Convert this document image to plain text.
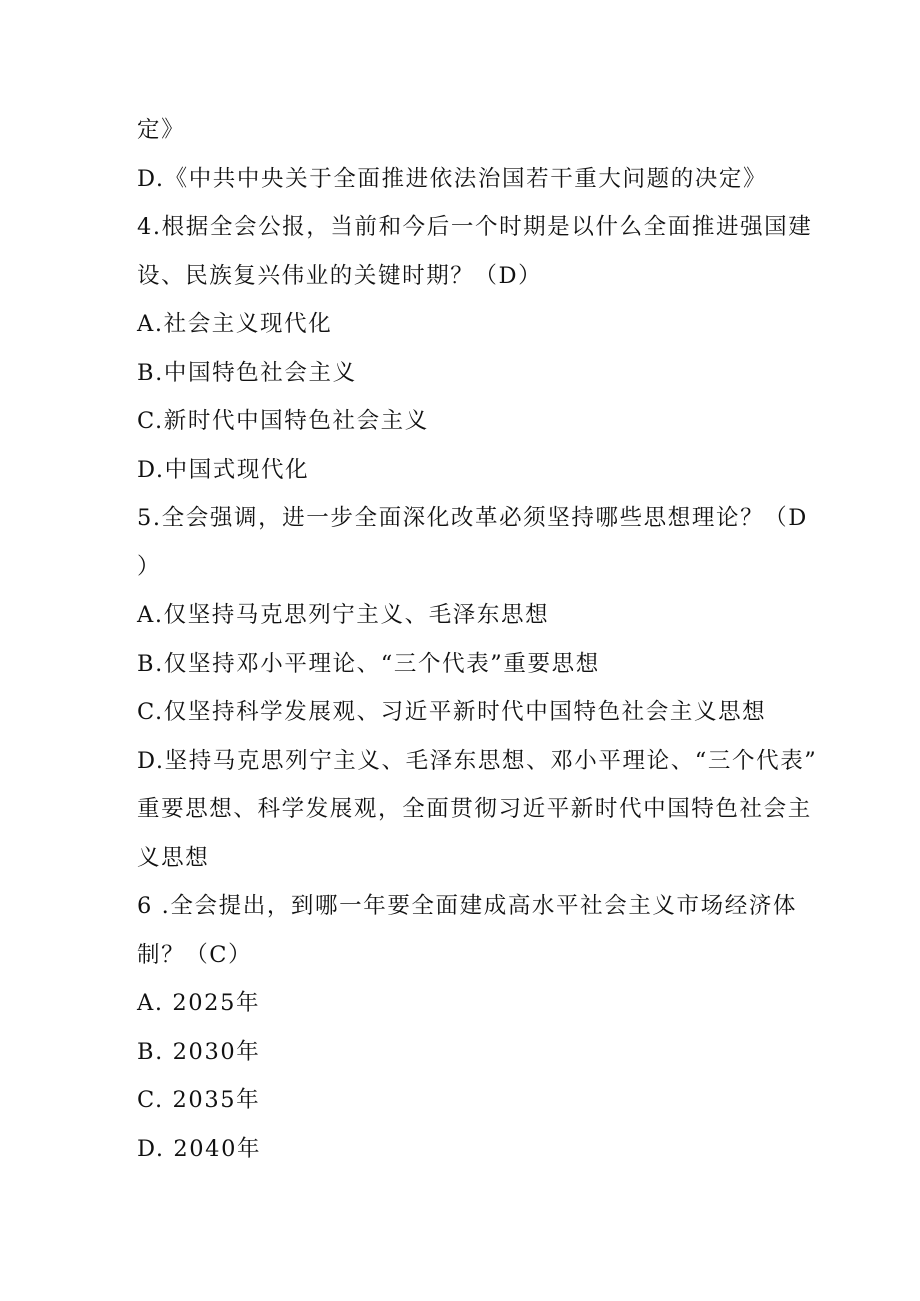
定》
D.《中共中央关于全面推进依法治国若干重大问题的决定》
4.根据全会公报，当前和今后一个时期是以什么全面推进强国建
设、民族复兴伟业的关键时期？（D）
A.社会主义现代化
B.中国特色社会主义
C.新时代中国特色社会主义
D.中国式现代化
5.全会强调，进一步全面深化改革必须坚持哪些思想理论？（D
）
A.仅坚持马克思列宁主义、毛泽东思想
B.仅坚持邓小平理论、“三个代表”重要思想
C.仅坚持科学发展观、习近平新时代中国特色社会主义思想
D.坚持马克思列宁主义、毛泽东思想、邓小平理论、“三个代表”
重要思想、科学发展观，全面贯彻习近平新时代中国特色社会主
义思想
6 .全会提出，到哪一年要全面建成高水平社会主义市场经济体
制？（C）
A. 2025年
B. 2030年
C. 2035年
D. 2040年
